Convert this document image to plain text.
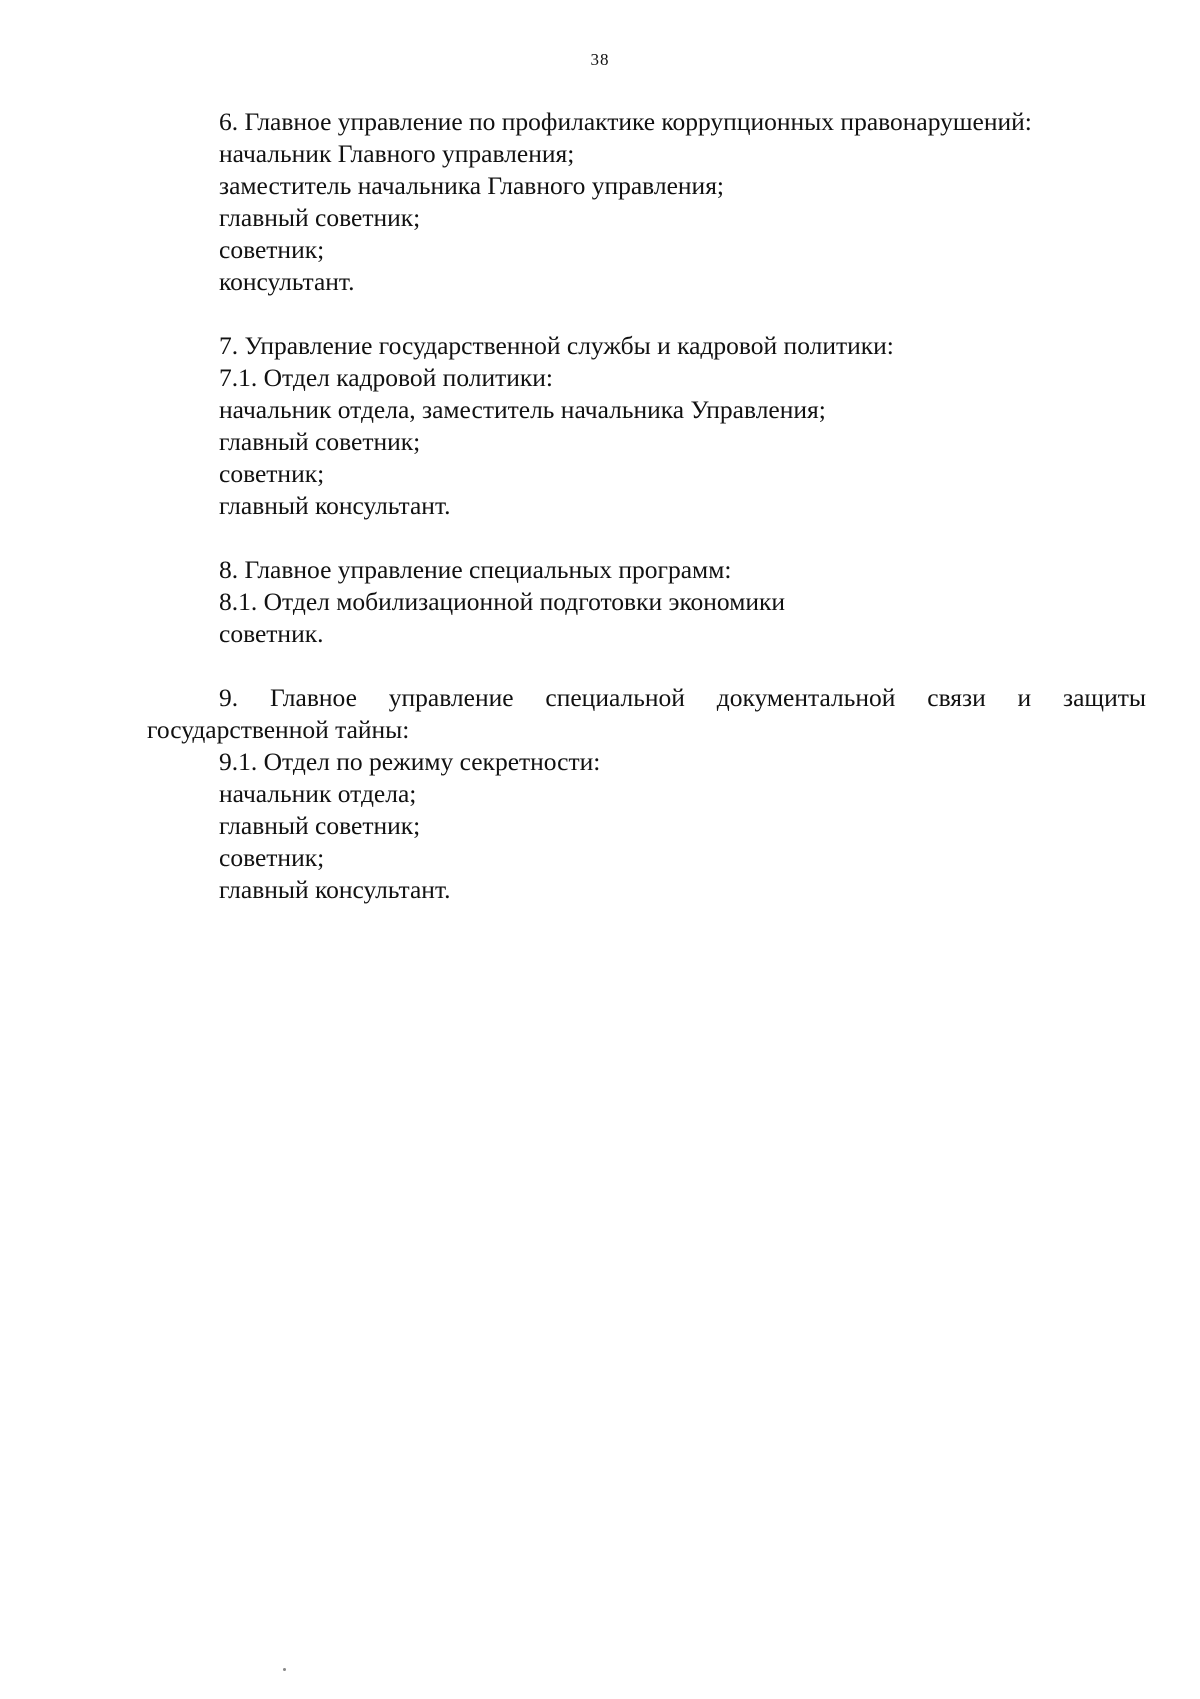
38
6. Главное управление по профилактике коррупционных правонарушений:
начальник Главного управления;
заместитель начальника Главного управления;
главный советник;
советник;
консультант.
7. Управление государственной службы и кадровой политики:
7.1. Отдел кадровой политики:
начальник отдела, заместитель начальника Управления;
главный советник;
советник;
главный консультант.
8. Главное управление специальных программ:
8.1. Отдел мобилизационной подготовки экономики
советник.
9. Главное управление специальной документальной связи и защиты государственной тайны:
9.1. Отдел по режиму секретности:
начальник отдела;
главный советник;
советник;
главный консультант.
